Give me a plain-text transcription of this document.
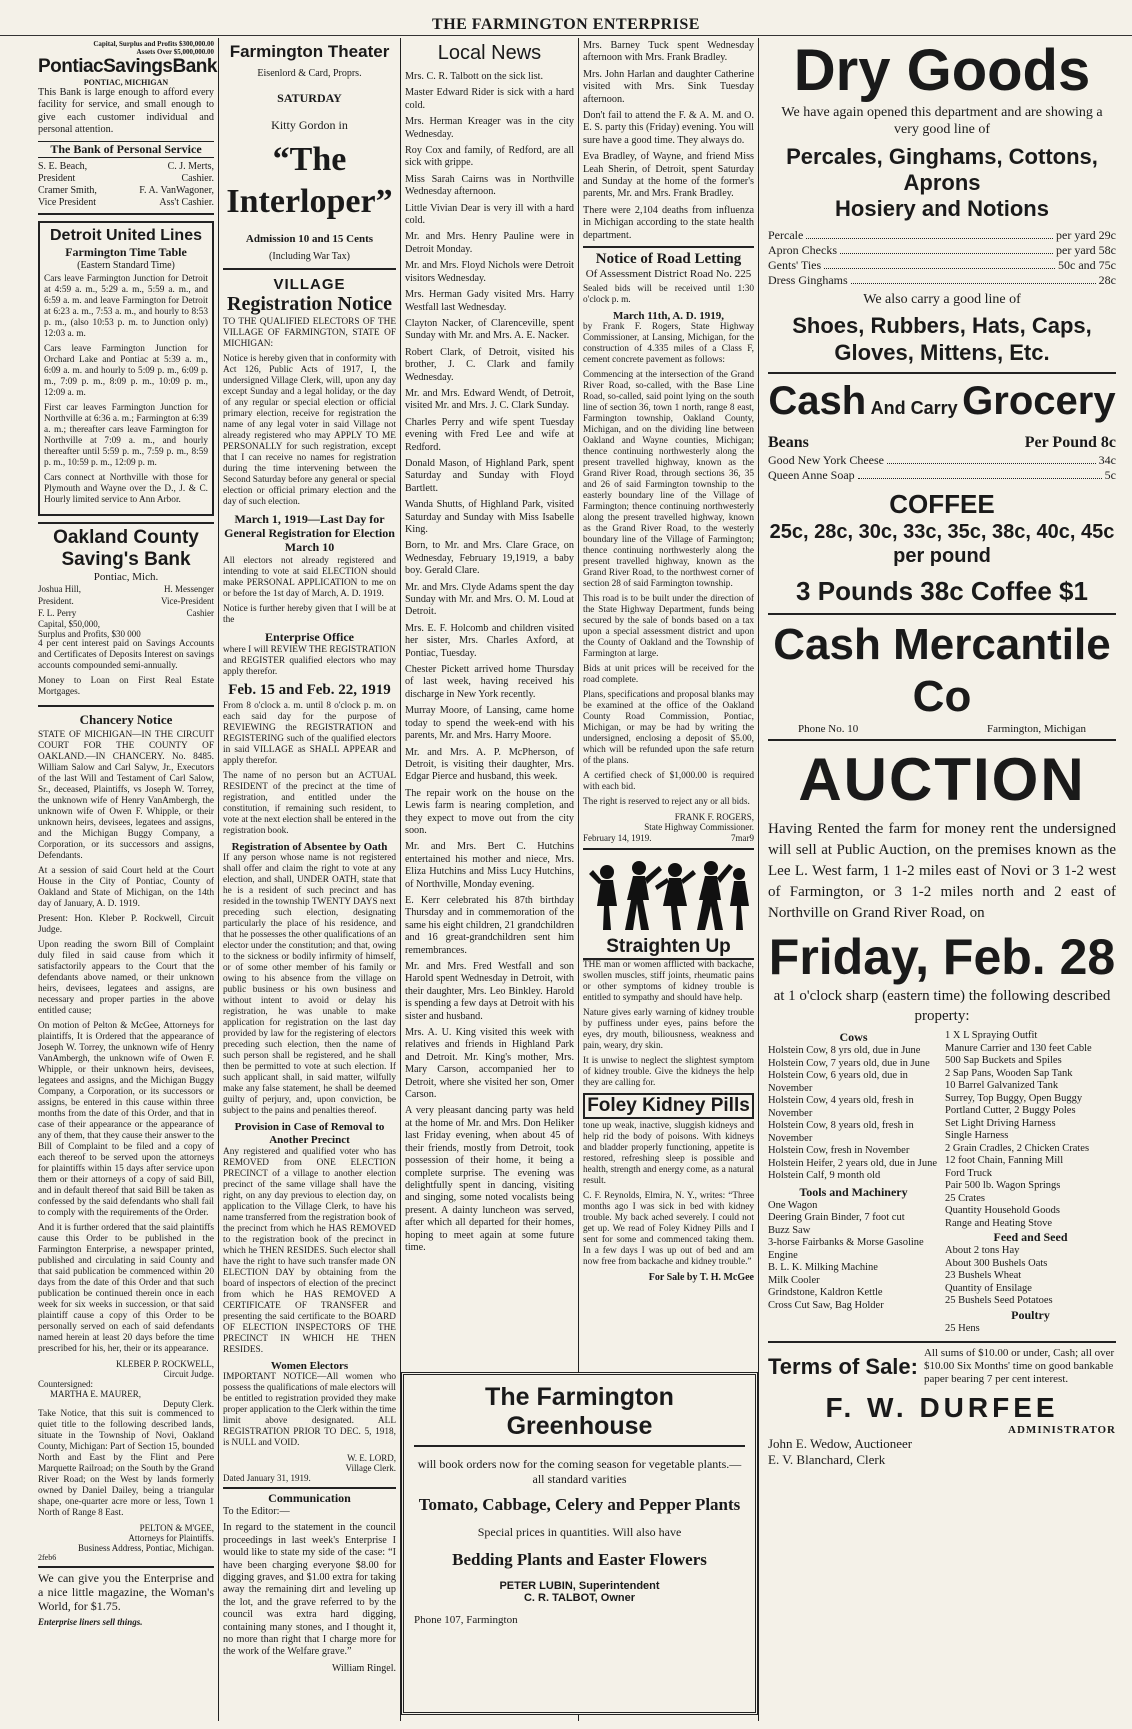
THE FARMINGTON ENTERPRISE
Capital, Surplus and Profits $300,000.00
Assets Over $5,000,000.00
PontiacSavingsBank
PONTIAC, MICHIGAN

This Bank is large enough to afford every facility for service, and small enough to give each customer individual and personal attention.

The Bank of Personal Service
S. E. Beach,	C. J. Merts,
President	Cashier.
Cramer Smith,	F. A. VanWagoner,
Vice President	Ass't Cashier.
Detroit United Lines
Farmington Time Table
(Eastern Standard Time)

Cars leave Farmington Junction for Detroit at 4:59 a. m., 5:29 a. m., 5:59 a. m., and 6:59 a. m. and leave Farmington for Detroit at 6:23 a. m., 7:53 a. m., and hourly to 8:53 p. m., (also 10:53 p. m. to Junction only) 12:03 a. m.

Cars leave Farmington Junction for Orchard Lake and Pontiac at 5:39 a. m., 6:09 a. m. and hourly to 5:09 p. m., 6:09 p. m., 7:09 p. m., 8:09 p. m., 10:09 p. m., 12:09 a. m.

First car leaves Farmington Junction for Northville at 6:36 a. m.; Farmington at 6:39 a. m.; thereafter cars leave Farmington for Northville at 7:09 a. m., and hourly thereafter until 5:59 p. m., 7:59 p. m., 8:59 p. m., 10:59 p. m., 12:09 p. m.

Cars connect at Northville with those for Plymouth and Wayne over the D., J. & C. Hourly limited service to Ann Arbor.

Oakland County Saving's Bank
Pontiac, Mich.
Joshua Hill,	H. Messenger
President.	Vice-President
F. L. Perry	Cashier
Capital, $50,000,
Surplus and Profits, $30 000

4 per cent interest paid on Savings Accounts and Certificates of Deposits Interest on savings accounts compounded semi-annually.

Money to Loan on First Real Estate Mortgages.

Chancery Notice

STATE OF MICHIGAN—IN THE CIRCUIT COURT FOR THE COUNTY OF OAKLAND.—IN CHANCERY. No. 8485. William Salow and Carl Salyw, Jr., Executors of the last Will and Testament of Carl Salow, Sr., deceased, Plaintiffs, vs Joseph W. Torrey, the unknown wife of Henry VanAmbergh, the unknown wife of Owen F. Whipple, or their unknown heirs, devisees, legatees and assigns, and the Michigan Buggy Company, a Corporation, or its successors and assigns, Defendants.

At a session of said Court held at the Court House in the City of Pontiac, County of Oakland and State of Michigan, on the 14th day of January, A. D. 1919.

Present: Hon. Kleber P. Rockwell, Circuit Judge.

Upon reading the sworn Bill of Complaint duly filed in said cause from which it satisfactorily appears to the Court that the defendants above named, or their unknown heirs, devisees, legatees and assigns, are necessary and proper parties in the above entitled cause;

On motion of Pelton & McGee, Attorneys for plaintiffs, It is Ordered that the appearance of Joseph W. Torrey, the unknown wife of Henry VanAmbergh, the unknown wife of Owen F. Whipple, or their unknown heirs, devisees, legatees and assigns, and the Michigan Buggy Company, a Corporation, or its successors or assigns, be entered in this cause within three months from the date of this Order, and that in case of their appearance or the appearance of any of them, that they cause their answer to the Bill of Complaint to be filed and a copy of each thereof to be served upon the attorneys for plaintiffs within 15 days after service upon them or their attorneys of a copy of said Bill, and in default thereof that said Bill be taken as confessed by the said defendants who shall fail to comply with the requirements of the Order.

And it is further ordered that the said plaintiffs cause this Order to be published in the Farmington Enterprise, a newspaper printed, published and circulating in said County and that said publication be commenced within 20 days from the date of this Order and that such publication be continued therein once in each week for six weeks in succession, or that said plaintiff cause a copy of this Order to be personally served on each of said defendants named herein at least 20 days before the time prescribed for his, her, their or its appearance.

KLEBER P. ROCKWELL,
Circuit Judge.
Countersigned:
MARTHA E. MAURER,
Deputy Clerk.

Take Notice, that this suit is commenced to quiet title to the following described lands, situate in the Township of Novi, Oakland County, Michigan: Part of Section 15, bounded North and East by the Flint and Pere Marquette Railroad; on the South by the Grand River Road; on the West by lands formerly owned by Daniel Dailey, being a triangular shape, one-quarter acre more or less, Town 1 North of Range 8 East.

PELTON & M'GEE,
Attorneys for Plaintiffs.
Business Address, Pontiac, Michigan.
2feb6

We can give you the Enterprise and a nice little magazine, the Woman's World, for $1.75.

Enterprise liners sell things.
Farmington Theater
Eisenlord & Card, Proprs.
SATURDAY
Kitty Gordon in
“The Interloper”
Admission 10 and 15 Cents
(Including War Tax)
VILLAGE
Registration Notice

TO THE QUALIFIED ELECTORS OF THE VILLAGE OF FARMINGTON, STATE OF MICHIGAN:

Notice is hereby given that in conformity with Act 126, Public Acts of 1917, I, the undersigned Village Clerk, will, upon any day except Sunday and a legal holiday, or the day of any regular or special election or official primary election, receive for registration the name of any legal voter in said Village not already registered who may APPLY TO ME PERSONALLY for such registration, except that I can receive no names for registration during the time intervening between the Second Saturday before any general or special election or official primary election and the day of such election.

March 1, 1919—Last Day for General Registration for Election March 10

All electors not already registered and intending to vote at said ELECTION should make PERSONAL APPLICATION to me on or before the 1st day of March, A. D. 1919.

Notice is further hereby given that I will be at the

Enterprise Office

where I will REVIEW THE REGISTRATION and REGISTER qualified electors who may apply therefor.

Feb. 15 and Feb. 22, 1919

From 8 o'clock a. m. until 8 o'clock p. m. on each said day for the purpose of REVIEWING the REGISTRATION and REGISTERING such of the qualified electors in said VILLAGE as SHALL APPEAR and apply therefor.

The name of no person but an ACTUAL RESIDENT of the precinct at the time of registration, and entitled under the constitution, if remaining such resident, to vote at the next election shall be entered in the registration book.

Registration of Absentee by Oath

If any person whose name is not registered shall offer and claim the right to vote at any election, and shall, UNDER OATH, state that he is a resident of such precinct and has resided in the township TWENTY DAYS next preceding such election, designating particularly the place of his residence, and that he possesses the other qualifications of an elector under the constitution; and that, owing to the sickness or bodily infirmity of himself, or of some other member of his family or owing to his absence from the village on public business or his own business and without intent to avoid or delay his registration, he was unable to make application for registration on the last day provided by law for the registering of electors preceding such election, then the name of such person shall be registered, and he shall then be permitted to vote at such election. If such applicant shall, in said matter, wilfully make any false statement, he shall be deemed guilty of perjury, and, upon conviction, be subject to the pains and penalties thereof.

Provision in Case of Removal to Another Precinct

Any registered and qualified voter who has REMOVED from ONE ELECTION PRECINCT of a village to another election precinct of the same village shall have the right, on any day previous to election day, on application to the Village Clerk, to have his name transferred from the registration book of the precinct from which he HAS REMOVED to the registration book of the precinct in which he THEN RESIDES. Such elector shall have the right to have such transfer made ON ELECTION DAY by obtaining from the board of inspectors of election of the precinct from which he HAS REMOVED A CERTIFICATE OF TRANSFER and presenting the said certificate to the BOARD OF ELECTION INSPECTORS OF THE PRECINCT IN WHICH HE THEN RESIDES.

Women Electors

IMPORTANT NOTICE—All women who possess the qualifications of male electors will be entitled to registration provided they make proper application to the Clerk within the time limit above designated. ALL REGISTRATION PRIOR TO DEC. 5, 1918, is NULL and VOID.

W. E. LORD,
Village Clerk.
Dated January 31, 1919.
Communication

To the Editor:—

In regard to the statement in the council proceedings in last week's Enterprise I would like to state my side of the case: “I have been charging everyone $8.00 for digging graves, and $1.00 extra for taking away the remaining dirt and leveling up the lot, and the grave referred to by the council was extra hard digging, containing many stones, and I thought it, no more than right that I charge more for the work of the Welfare grave.”

William Ringel.
Local News

Mrs. C. R. Talbott on the sick list.

Master Edward Rider is sick with a hard cold.

Mrs. Herman Kreager was in the city Wednesday.

Roy Cox and family, of Redford, are all sick with grippe.

Miss Sarah Cairns was in Northville Wednesday afternoon.

Little Vivian Dear is very ill with a hard cold.

Mr. and Mrs. Henry Pauline were in Detroit Monday.

Mr. and Mrs. Floyd Nichols were Detroit visitors Wednesday.

Mrs. Herman Gady visited Mrs. Harry Westfall last Wednesday.

Clayton Nacker, of Clarenceville, spent Sunday with Mr. and Mrs. A. E. Nacker.

Robert Clark, of Detroit, visited his brother, J. C. Clark and family Wednesday.

Mr. and Mrs. Edward Wendt, of Detroit, visited Mr. and Mrs. J. C. Clark Sunday.

Charles Perry and wife spent Tuesday evening with Fred Lee and wife at Redford.

Donald Mason, of Highland Park, spent Saturday and Sunday with Floyd Bartlett.

Wanda Shutts, of Highland Park, visited Saturday and Sunday with Miss Isabelle King.

Born, to Mr. and Mrs. Clare Grace, on Wednesday, February 19,1919, a baby boy. Gerald Clare.

Mr. and Mrs. Clyde Adams spent the day Sunday with Mr. and Mrs. O. M. Loud at Detroit.

Mrs. E. F. Holcomb and children visited her sister, Mrs. Charles Axford, at Pontiac, Tuesday.

Chester Pickett arrived home Thursday of last week, having received his discharge in New York recently.

Murray Moore, of Lansing, came home today to spend the week-end with his parents, Mr. and Mrs. Harry Moore.

Mr. and Mrs. A. P. McPherson, of Detroit, is visiting their daughter, Mrs. Edgar Pierce and husband, this week.

The repair work on the house on the Lewis farm is nearing completion, and they expect to move out from the city soon.

Mr. and Mrs. Bert C. Hutchins entertained his mother and niece, Mrs. Eliza Hutchins and Miss Lucy Hutchins, of Northville, Monday evening.

E. Kerr celebrated his 87th birthday Thursday and in commemoration of the same his eight children, 21 grandchildren and 16 great-grandchildren sent him remembrances.

Mr. and Mrs. Fred Westfall and son Harold spent Wednesday in Detroit, with their daughter, Mrs. Leo Binkley. Harold is spending a few days at Detroit with his sister and husband.

Mrs. A. U. King visited this week with relatives and friends in Highland Park and Detroit. Mr. King's mother, Mrs. Mary Carson, accompanied her to Detroit, where she visited her son, Omer Carson.

A very pleasant dancing party was held at the home of Mr. and Mrs. Don Heliker last Friday evening, when about 45 of their friends, mostly from Detroit, took possession of their home, it being a complete surprise. The evening was delightfully spent in dancing, visiting and singing, some noted vocalists being present. A dainty luncheon was served, after which all departed for their homes, hoping to meet again at some future time.

Mrs. Barney Tuck spent Wednesday afternoon with Mrs. Frank Bradley.

Mrs. John Harlan and daughter Catherine visited with Mrs. Sink Tuesday afternoon.

Don't fail to attend the F. & A. M. and O. E. S. party this (Friday) evening. You will sure have a good time. They always do.

Eva Bradley, of Wayne, and friend Miss Leah Sherin, of Detroit, spent Saturday and Sunday at the home of the former's parents, Mr. and Mrs. Frank Bradley.

There were 2,104 deaths from influenza in Michigan according to the state health department.

Notice of Road Letting
Of Assessment District Road No. 225

Sealed bids will be received until 1:30 o'clock p. m.

March 11th, A. D. 1919,

by Frank F. Rogers, State Highway Commissioner, at Lansing, Michigan, for the construction of 4.335 miles of a Class F, cement concrete pavement as follows:

Commencing at the intersection of the Grand River Road, so-called, with the Base Line Road, so-called, said point lying on the south line of section 36, town 1 north, range 8 east, Farmington township, Oakland County, Michigan, and on the dividing line between Oakland and Wayne counties, Michigan; thence continuing northwesterly along the present travelled highway, known as the Grand River Road, through sections 36, 35 and 26 of said Farmington township to the easterly boundary line of the Village of Farmington; thence continuing northwesterly along the present travelled highway, known as the Grand River Road, to the westerly boundary line of the Village of Farmington; thence continuing northwesterly along the present travelled highway, known as the Grand River Road, to the northwest corner of section 28 of said Farmington township.

This road is to be built under the direction of the State Highway Department, funds being secured by the sale of bonds based on a tax upon a special assessment district and upon the County of Oakland and the Township of Farmington at large.

Bids at unit prices will be received for the road complete.

Plans, specifications and proposal blanks may be examined at the office of the Oakland County Road Commission, Pontiac, Michigan, or may be had by writing the undersigned, enclosing a deposit of $5.00, which will be refunded upon the safe return of the plans.

A certified check of $1,000.00 is required with each bid.

The right is reserved to reject any or all bids.

FRANK F. ROGERS,
State Highway Commissioner.
February 14, 1919.	7mar9
Straighten Up

THE man or women afflicted with backache, swollen muscles, stiff joints, rheumatic pains or other symptoms of kidney trouble is entitled to sympathy and should have help.

Nature gives early warning of kidney trouble by puffiness under eyes, pains before the eyes, dry mouth, biliousness, weakness and pain, weary, dry skin.

It is unwise to neglect the slightest symptom of kidney trouble. Give the kidneys the help they are calling for.

Foley Kidney Pills

tone up weak, inactive, sluggish kidneys and help rid the body of poisons. With kidneys and bladder properly functioning, appetite is restored, refreshing sleep is possible and health, strength and energy come, as a natural result.

C. F. Reynolds, Elmira, N. Y., writes: “Three months ago I was sick in bed with kidney trouble. My back ached severely. I could not get up. We read of Foley Kidney Pills and I sent for some and commenced taking them. In a few days I was up out of bed and am now free from backache and kidney trouble.”

For Sale by T. H. McGee
The Farmington Greenhouse
will book orders now for the coming season for vegetable plants.—all standard varities
Tomato, Cabbage, Celery and Pepper Plants
Special prices in quantities. Will also have
Bedding Plants and Easter Flowers
PETER LUBIN, Superintendent
C. R. TALBOT, Owner
Phone 107, Farmington
Dry Goods
We have again opened this department and are showing a very good line of
Percales, Ginghams, Cottons, Aprons
Hosiery and Notions
Percale	per yard 29c
Apron Checks	per yard 58c
Gents' Ties	50c and 75c
Dress Ginghams	28c
We also carry a good line of
Shoes, Rubbers, Hats, Caps, Gloves, Mittens, Etc.
Cash And Carry Grocery
Beans	Per Pound 8c
Good New York Cheese	34c
Queen Anne Soap	5c
COFFEE
25c, 28c, 30c, 33c, 35c, 38c, 40c, 45c per pound
3 Pounds 38c Coffee $1
Cash Mercantile Co
Phone No. 10	Farmington, Michigan
AUCTION

Having Rented the farm for money rent the undersigned will sell at Public Auction, on the premises known as the Lee L. West farm, 1 1-2 miles east of Novi or 3 1-2 west of Farmington, or 3 1-2 miles north and 2 east of Northville on Grand River Road, on

Friday, Feb. 28

at 1 o'clock sharp (eastern time) the following described property:

Cows
Holstein Cow, 8 yrs old, due in June
Holstein Cow, 7 years old, due in June
Holstein Cow, 6 years old, due in November
Holstein Cow, 4 years old, fresh in November
Holstein Cow, 8 years old, fresh in November
Holstein Cow, fresh in November
Holstein Heifer, 2 years old, due in June
Holstein Calf, 9 month old
Tools and Machinery
One Wagon
Deering Grain Binder, 7 foot cut
Buzz Saw
3-horse Fairbanks & Morse Gasoline Engine
B. L. K. Milking Machine
Milk Cooler
Grindstone, Kaldron Kettle
Cross Cut Saw, Bag Holder
1 X L Spraying Outfit
Manure Carrier and 130 feet Cable
500 Sap Buckets and Spiles
2 Sap Pans, Wooden Sap Tank
10 Barrel Galvanized Tank
Surrey, Top Buggy, Open Buggy
Portland Cutter, 2 Buggy Poles
Set Light Driving Harness
Single Harness
2 Grain Cradles, 2 Chicken Crates
12 foot Chain, Fanning Mill
Ford Truck
Pair 500 lb. Wagon Springs
25 Crates
Quantity Household Goods
Range and Heating Stove
Feed and Seed
About 2 tons Hay
About 300 Bushels Oats
23 Bushels Wheat
Quantity of Ensilage
25 Bushels Seed Potatoes
Poultry
25 Hens
Terms of Sale:
All sums of $10.00 or under, Cash; all over $10.00 Six Months' time on good bankable paper bearing 7 per cent interest.
F. W. DURFEE
ADMINISTRATOR
John E. Wedow, Auctioneer
E. V. Blanchard, Clerk
